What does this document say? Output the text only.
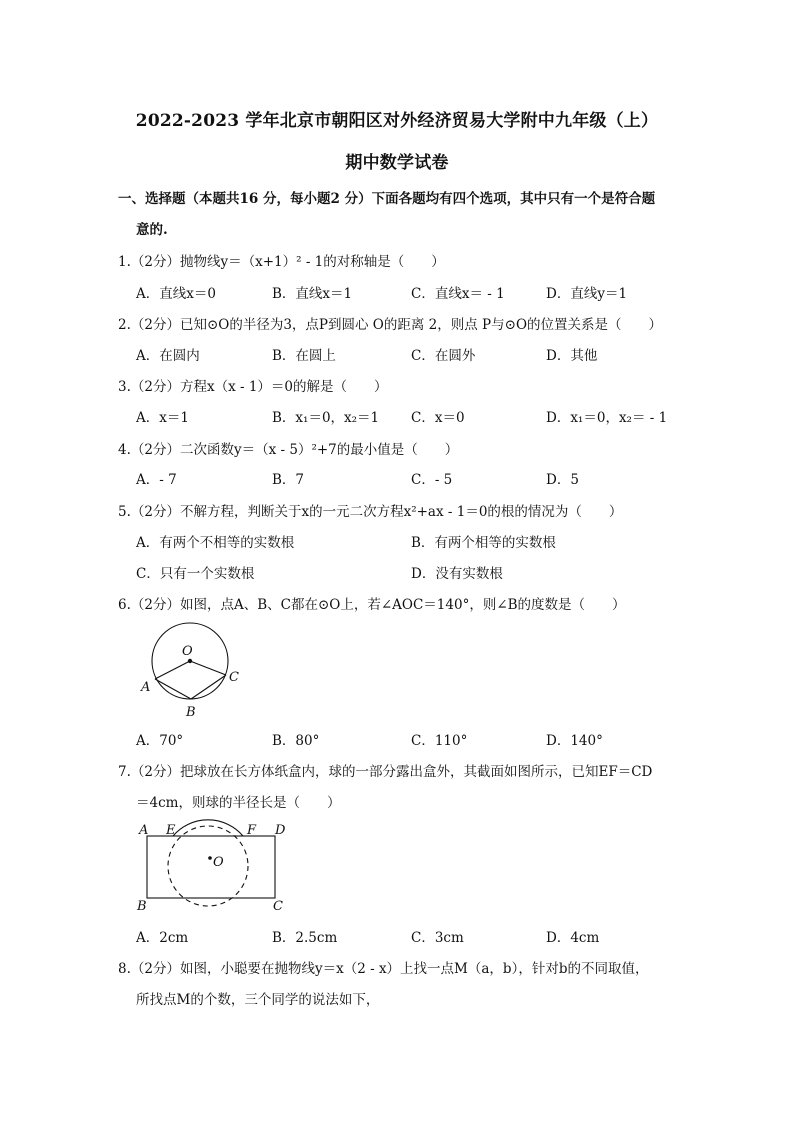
2022-2023 学年北京市朝阳区对外经济贸易大学附中九年级（上）
期中数学试卷
一、选择题（本题共16 分，每小题2 分）下面各题均有四个选项，其中只有一个是符合题
意的.
1.（2分）抛物线y＝（x+1）² - 1的对称轴是（　　）
A．直线x＝0	B．直线x＝1	C．直线x＝ - 1	D．直线y＝1
2.（2分）已知⊙O的半径为3，点P到圆心 O的距离 2，则点 P与⊙O的位置关系是（　　）
A．在圆内	B．在圆上	C．在圆外	D．其他
3.（2分）方程x（x - 1）＝0的解是（　　）
A．x＝1	B．x₁＝0，x₂＝1 C．x＝0	D．x₁＝0，x₂＝ - 1
4.（2分）二次函数y＝（x - 5）²+7的最小值是（　　）
A．- 7	B．7	C．- 5	D．5
5.（2分）不解方程，判断关于x的一元二次方程x²+ax - 1＝0的根的情况为（　　）
A．有两个不相等的实数根	B．有两个相等的实数根
C．只有一个实数根	D．没有实数根
6.（2分）如图，点A、B、C都在⊙O上，若∠AOC＝140°，则∠B的度数是（　　）
O
A
B
C
A．70°	B．80°	C．110°	D．140°
7.（2分）把球放在长方体纸盒内，球的一部分露出盒外，其截面如图所示，已知EF＝CD
＝4cm，则球的半径长是（　　）
A E	F D
O
B	C
A．2cm	B．2.5cm	C．3cm	D．4cm
8.（2分）如图，小聪要在抛物线y＝x（2 - x）上找一点M（a，b），针对b的不同取值，
所找点M的个数，三个同学的说法如下，
